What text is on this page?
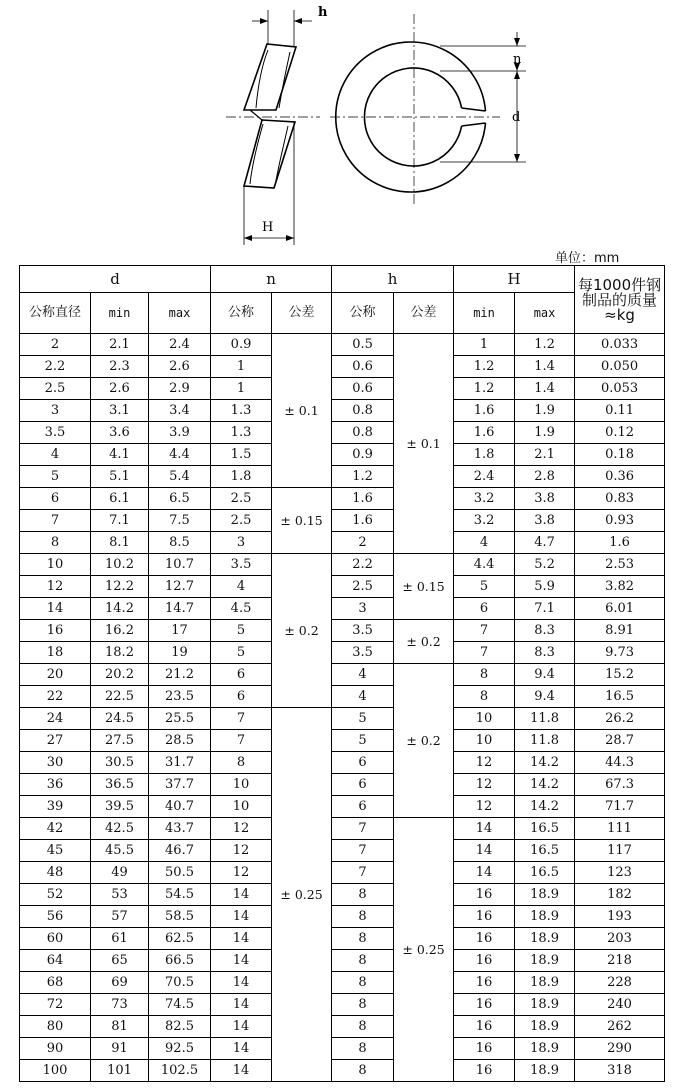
h
H
n
d
单位：mm
d			n		h		H		每1000件钢制品的质量≈kg
公称直径	min	max	公称	公差	公称	公差	min	max	
2	2.1	2.4	0.9	± 0.1	0.5	± 0.1	1	1.2	0.033
2.2	2.3	2.6	1		0.6		1.2	1.4	0.050
2.5	2.6	2.9	1		0.6		1.2	1.4	0.053
3	3.1	3.4	1.3		0.8		1.6	1.9	0.11
3.5	3.6	3.9	1.3		0.8		1.6	1.9	0.12
4	4.1	4.4	1.5		0.9		1.8	2.1	0.18
5	5.1	5.4	1.8		1.2		2.4	2.8	0.36
6	6.1	6.5	2.5	± 0.15	1.6		3.2	3.8	0.83
7	7.1	7.5	2.5		1.6		3.2	3.8	0.93
8	8.1	8.5	3		2		4	4.7	1.6
10	10.2	10.7	3.5	± 0.2	2.2	± 0.15	4.4	5.2	2.53
12	12.2	12.7	4		2.5		5	5.9	3.82
14	14.2	14.7	4.5		3		6	7.1	6.01
16	16.2	17	5		3.5	± 0.2	7	8.3	8.91
18	18.2	19	5		3.5		7	8.3	9.73
20	20.2	21.2	6		4	± 0.2	8	9.4	15.2
22	22.5	23.5	6		4		8	9.4	16.5
24	24.5	25.5	7	± 0.25	5		10	11.8	26.2
27	27.5	28.5	7		5		10	11.8	28.7
30	30.5	31.7	8		6		12	14.2	44.3
36	36.5	37.7	10		6		12	14.2	67.3
39	39.5	40.7	10		6		12	14.2	71.7
42	42.5	43.7	12		7	± 0.25	14	16.5	111
45	45.5	46.7	12		7		14	16.5	117
48	49	50.5	12		7		14	16.5	123
52	53	54.5	14		8		16	18.9	182
56	57	58.5	14		8		16	18.9	193
60	61	62.5	14		8		16	18.9	203
64	65	66.5	14		8		16	18.9	218
68	69	70.5	14		8		16	18.9	228
72	73	74.5	14		8		16	18.9	240
80	81	82.5	14		8		16	18.9	262
90	91	92.5	14		8		16	18.9	290
100	101	102.5	14		8		16	18.9	318
